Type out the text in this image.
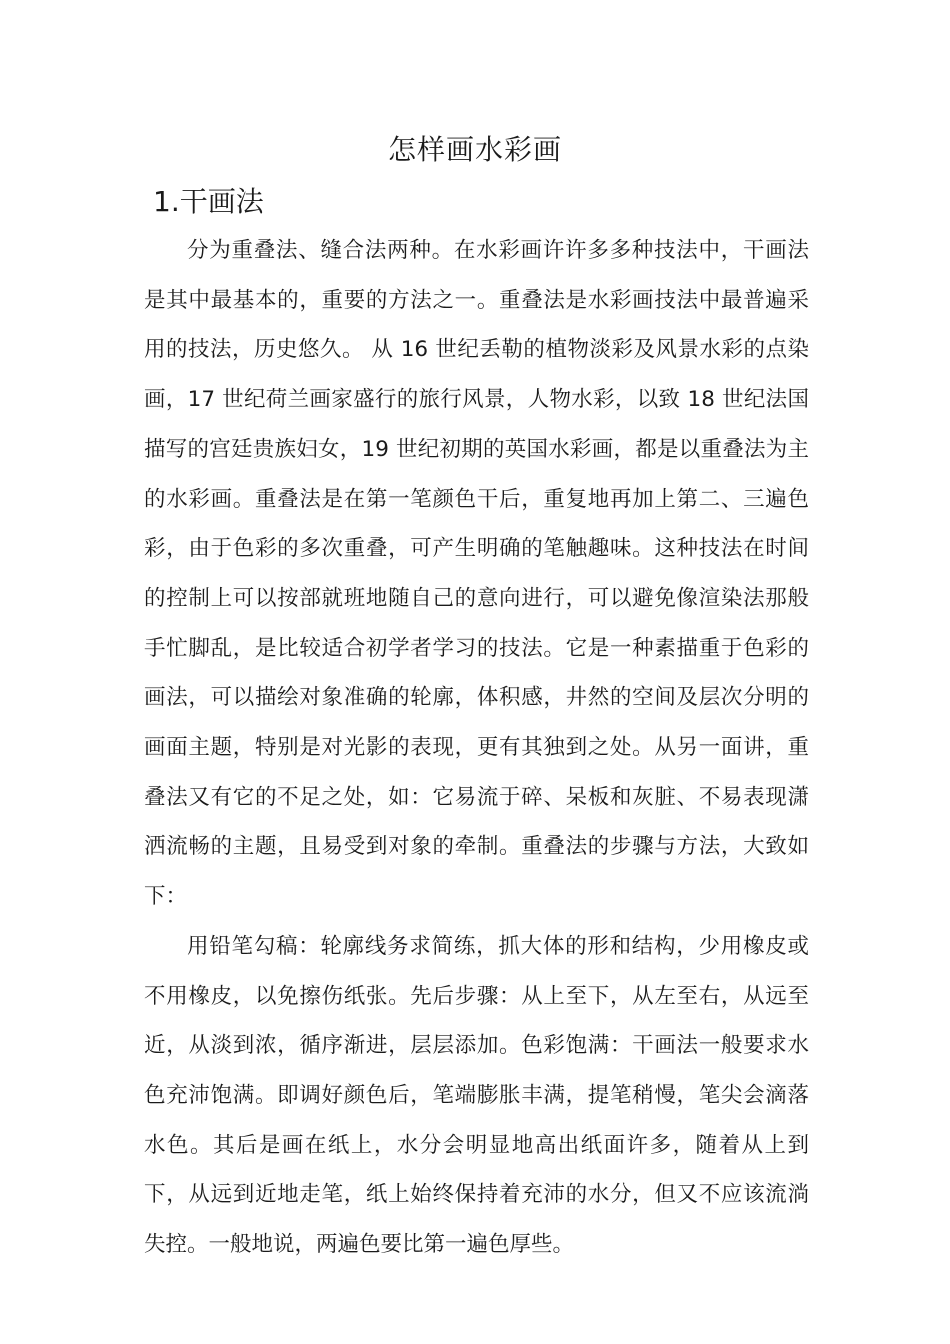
怎样画水彩画
1.干画法

分为重叠法、缝合法两种。在水彩画许许多多种技法中，干画法是其中最基本的，重要的方法之一。重叠法是水彩画技法中最普遍采用的技法，历史悠久。 从 16 世纪丢勒的植物淡彩及风景水彩的点染画，17 世纪荷兰画家盛行的旅行风景，人物水彩，以致 18 世纪法国描写的宫廷贵族妇女，19 世纪初期的英国水彩画，都是以重叠法为主的水彩画。重叠法是在第一笔颜色干后，重复地再加上第二、三遍色彩，由于色彩的多次重叠，可产生明确的笔触趣味。这种技法在时间的控制上可以按部就班地随自己的意向进行，可以避免像渲染法那般手忙脚乱，是比较适合初学者学习的技法。它是一种素描重于色彩的画法，可以描绘对象准确的轮廓，体积感，井然的空间及层次分明的画面主题，特别是对光影的表现，更有其独到之处。从另一面讲，重叠法又有它的不足之处，如：它易流于碎、呆板和灰脏、不易表现潇洒流畅的主题，且易受到对象的牵制。重叠法的步骤与方法，大致如下：

用铅笔勾稿：轮廓线务求简练，抓大体的形和结构，少用橡皮或不用橡皮，以免擦伤纸张。先后步骤：从上至下，从左至右，从远至近，从淡到浓，循序渐进，层层添加。色彩饱满：干画法一般要求水色充沛饱满。即调好颜色后，笔端膨胀丰满，提笔稍慢，笔尖会滴落水色。其后是画在纸上，水分会明显地高出纸面许多，随着从上到下，从远到近地走笔，纸上始终保持着充沛的水分，但又不应该流淌失控。一般地说，两遍色要比第一遍色厚些。
